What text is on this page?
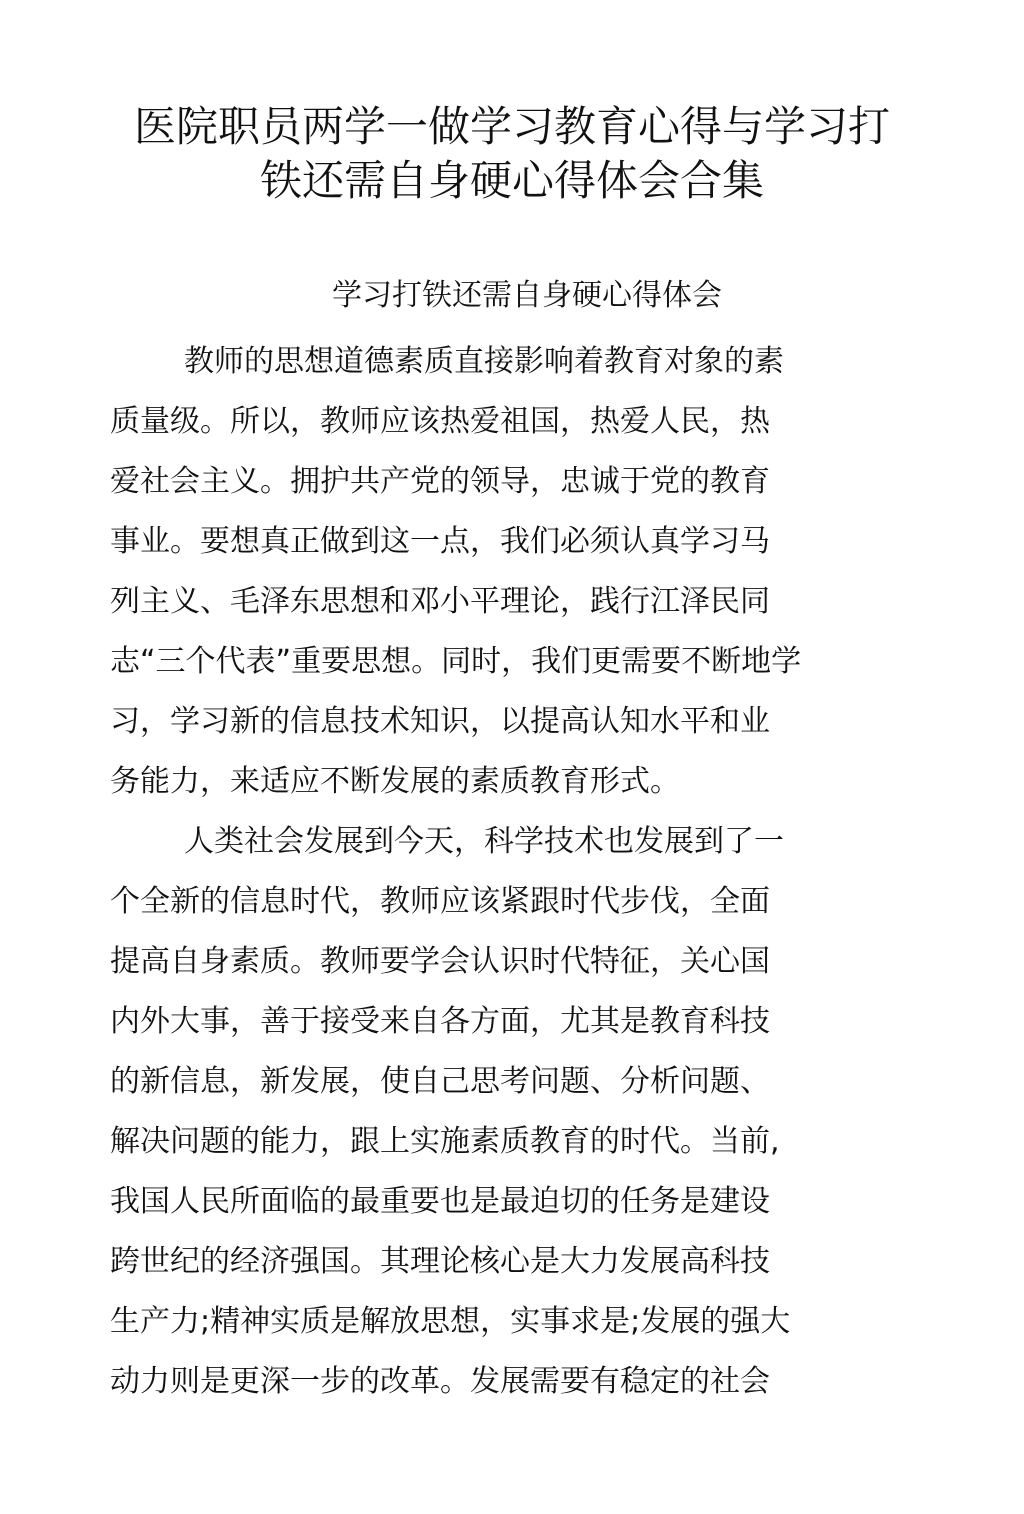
医院职员两学一做学习教育心得与学习打
铁还需自身硬心得体会合集
学习打铁还需自身硬心得体会
教师的思想道德素质直接影响着教育对象的素
质量级。所以，教师应该热爱祖国，热爱人民，热
爱社会主义。拥护共产党的领导，忠诚于党的教育
事业。要想真正做到这一点，我们必须认真学习马
列主义、毛泽东思想和邓小平理论，践行江泽民同
志“三个代表”重要思想。同时，我们更需要不断地学
习，学习新的信息技术知识，以提高认知水平和业
务能力，来适应不断发展的素质教育形式。
人类社会发展到今天，科学技术也发展到了一
个全新的信息时代，教师应该紧跟时代步伐，全面
提高自身素质。教师要学会认识时代特征，关心国
内外大事，善于接受来自各方面，尤其是教育科技
的新信息，新发展，使自己思考问题、分析问题、
解决问题的能力，跟上实施素质教育的时代。当前,
我国人民所面临的最重要也是最迫切的任务是建设
跨世纪的经济强国。其理论核心是大力发展高科技
生产力;精神实质是解放思想，实事求是;发展的强大
动力则是更深一步的改革。发展需要有稳定的社会
